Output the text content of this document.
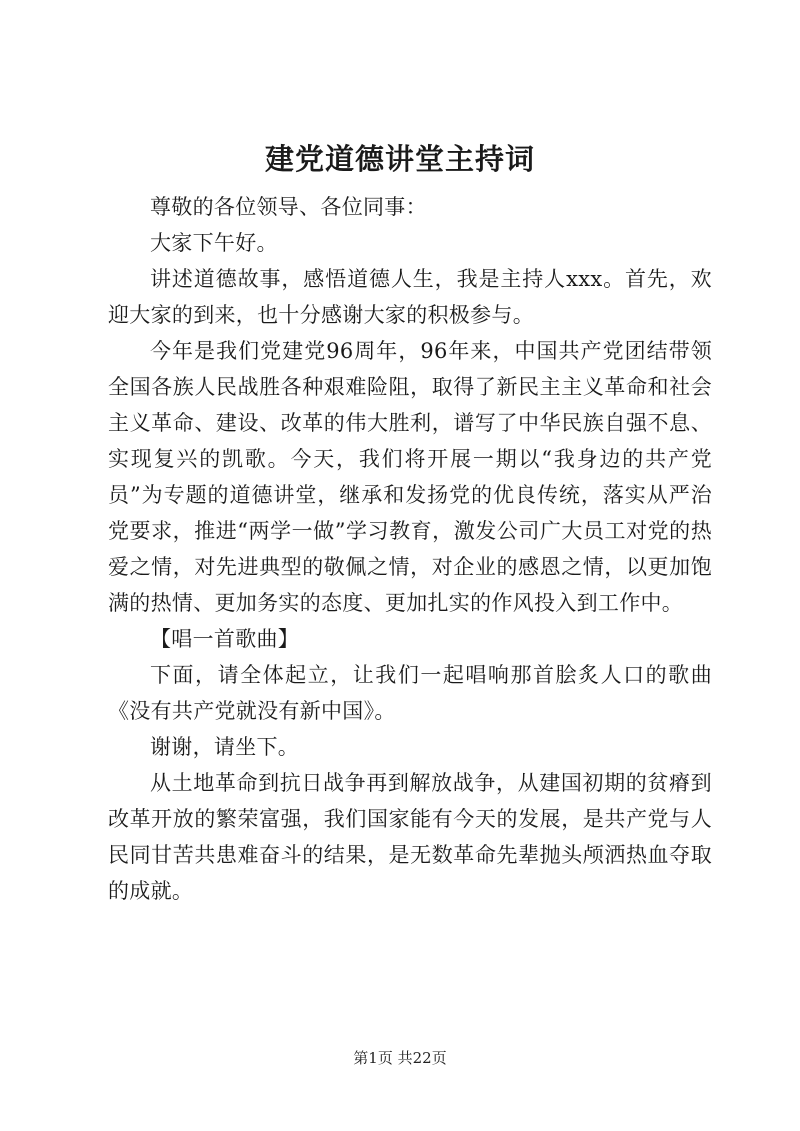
建党道德讲堂主持词

尊敬的各位领导、各位同事：

大家下午好。

讲述道德故事，感悟道德人生，我是主持人xxx。首先，欢迎大家的到来，也十分感谢大家的积极参与。

今年是我们党建党96周年，96年来，中国共产党团结带领全国各族人民战胜各种艰难险阻，取得了新民主主义革命和社会主义革命、建设、改革的伟大胜利，谱写了中华民族自强不息、实现复兴的凯歌。今天，我们将开展一期以“我身边的共产党员”为专题的道德讲堂，继承和发扬党的优良传统，落实从严治党要求，推进“两学一做”学习教育，激发公司广大员工对党的热爱之情，对先进典型的敬佩之情，对企业的感恩之情，以更加饱满的热情、更加务实的态度、更加扎实的作风投入到工作中。

【唱一首歌曲】

下面，请全体起立，让我们一起唱响那首脍炙人口的歌曲《没有共产党就没有新中国》。

谢谢，请坐下。

从土地革命到抗日战争再到解放战争，从建国初期的贫瘠到改革开放的繁荣富强，我们国家能有今天的发展，是共产党与人民同甘苦共患难奋斗的结果，是无数革命先辈抛头颅洒热血夺取的成就。

第1页 共22页
